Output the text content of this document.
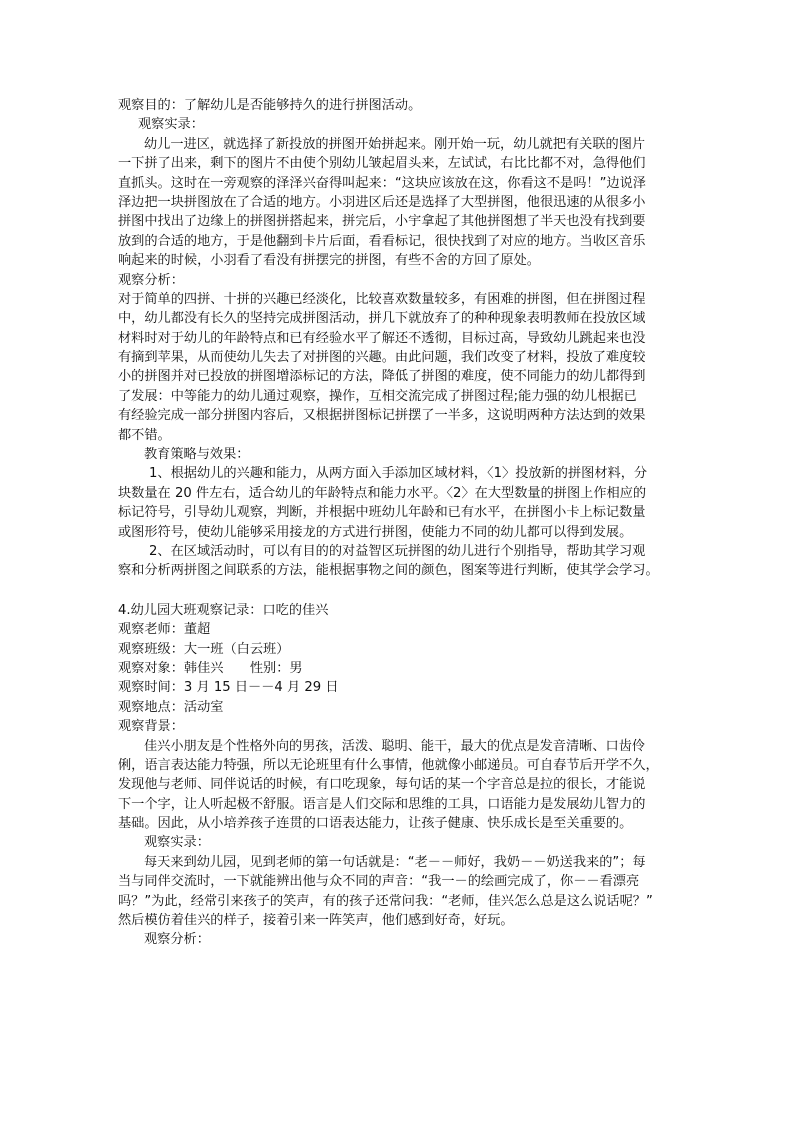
观察目的：了解幼儿是否能够持久的进行拼图活动。
观察实录：
幼儿一进区，就选择了新投放的拼图开始拼起来。刚开始一玩，幼儿就把有关联的图片
一下拼了出来，剩下的图片不由使个别幼儿皱起眉头来，左试试，右比比都不对，急得他们
直抓头。这时在一旁观察的泽泽兴奋得叫起来：“这块应该放在这，你看这不是吗！”边说泽
泽边把一块拼图放在了合适的地方。小羽进区后还是选择了大型拼图，他很迅速的从很多小
拼图中找出了边缘上的拼图拼搭起来，拼完后，小宇拿起了其他拼图想了半天也没有找到要
放到的合适的地方，于是他翻到卡片后面，看看标记，很快找到了对应的地方。当收区音乐
响起来的时候，小羽看了看没有拼摆完的拼图，有些不舍的方回了原处。
观察分析：
对于简单的四拼、十拼的兴趣已经淡化，比较喜欢数量较多，有困难的拼图，但在拼图过程
中，幼儿都没有长久的坚持完成拼图活动，拼几下就放弃了的种种现象表明教师在投放区域
材料时对于幼儿的年龄特点和已有经验水平了解还不透彻，目标过高，导致幼儿跳起来也没
有摘到苹果，从而使幼儿失去了对拼图的兴趣。由此问题，我们改变了材料，投放了难度较
小的拼图并对已投放的拼图增添标记的方法，降低了拼图的难度，使不同能力的幼儿都得到
了发展：中等能力的幼儿通过观察，操作，互相交流完成了拼图过程;能力强的幼儿根据已
有经验完成一部分拼图内容后，又根据拼图标记拼摆了一半多，这说明两种方法达到的效果
都不错。
教育策略与效果：
1、根据幼儿的兴趣和能力，从两方面入手添加区域材料，〈1〉投放新的拼图材料，分
块数量在 20 件左右，适合幼儿的年龄特点和能力水平。〈2〉在大型数量的拼图上作相应的
标记符号，引导幼儿观察，判断，并根据中班幼儿年龄和已有水平，在拼图小卡上标记数量
或图形符号，使幼儿能够采用接龙的方式进行拼图，使能力不同的幼儿都可以得到发展。
2、在区域活动时，可以有目的的对益智区玩拼图的幼儿进行个别指导，帮助其学习观
察和分析两拼图之间联系的方法，能根据事物之间的颜色，图案等进行判断，使其学会学习。
4.幼儿园大班观察记录：口吃的佳兴
观察老师：董超
观察班级：大一班（白云班）
观察对象：韩佳兴　　性别：男
观察时间：3 月 15 日－－4 月 29 日
观察地点：活动室
观察背景：
佳兴小朋友是个性格外向的男孩，活泼、聪明、能干，最大的优点是发音清晰、口齿伶
俐，语言表达能力特强，所以无论班里有什么事情，他就像小邮递员。可自春节后开学不久，
发现他与老师、同伴说话的时候，有口吃现象，每句话的某一个字音总是拉的很长，才能说
下一个字，让人听起极不舒服。语言是人们交际和思维的工具，口语能力是发展幼儿智力的
基础。因此，从小培养孩子连贯的口语表达能力，让孩子健康、快乐成长是至关重要的。
观察实录：
每天来到幼儿园，见到老师的第一句话就是：“老－－师好，我奶－－奶送我来的”；每
当与同伴交流时，一下就能辨出他与众不同的声音：“我一－的绘画完成了，你－－看漂亮
吗？”为此，经常引来孩子的笑声，有的孩子还常问我：“老师，佳兴怎么总是这么说话呢？”
然后模仿着佳兴的样子，接着引来一阵笑声，他们感到好奇，好玩。
观察分析：
